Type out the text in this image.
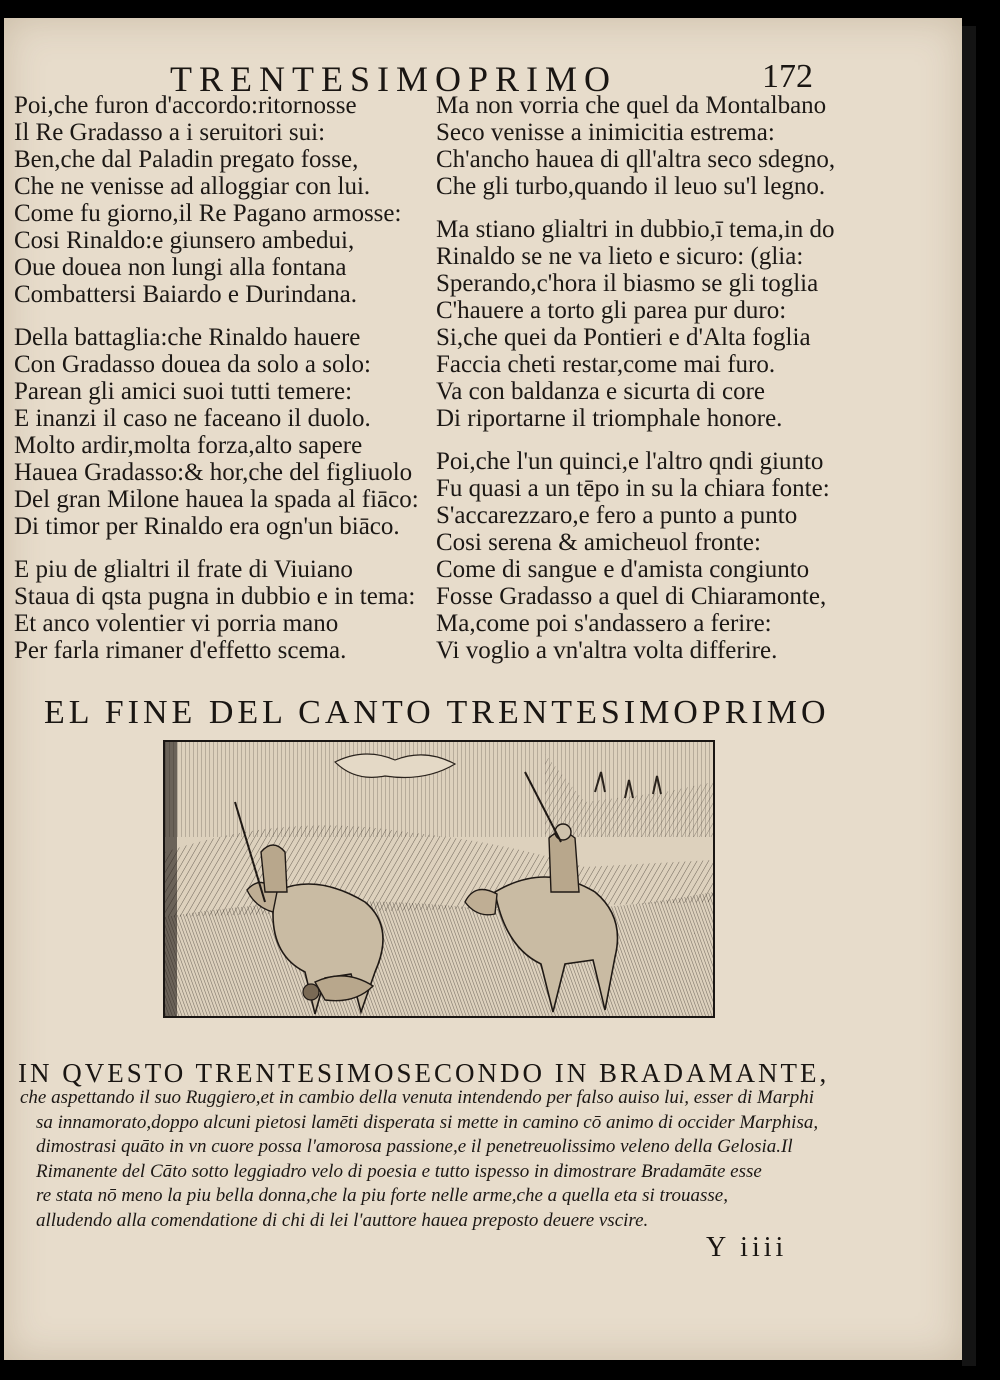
TRENTESIMOPRIMO	172
Poi,che furon d'accordo:ritornosse
Il Re Gradasso a i seruitori sui:
Ben,che dal Paladin pregato fosse,
Che ne venisse ad alloggiar con lui.
Come fu giorno,il Re Pagano armosse:
Cosi Rinaldo:e giunsero ambedui,
Oue douea non lungi alla fontana
Combattersi Baiardo e Durindana.
Della battaglia:che Rinaldo hauere
Con Gradasso douea da solo a solo:
Parean gli amici suoi tutti temere:
E inanzi il caso ne faceano il duolo.
Molto ardir,molta forza,alto sapere
Hauea Gradasso:& hor,che del figliuolo
Del gran Milone hauea la spada al fiāco:
Di timor per Rinaldo era ogn'un biāco.
E piu de glialtri il frate di Viuiano
Staua di qsta pugna in dubbio e in tema:
Et anco volentier vi porria mano
Per farla rimaner d'effetto scema.
Ma non vorria che quel da Montalbano
Seco venisse a inimicitia estrema:
Ch'ancho hauea di qll'altra seco sdegno,
Che gli turbo,quando il leuo su'l legno.
Ma stiano glialtri in dubbio,ī tema,in do
Rinaldo se ne va lieto e sicuro: (glia:
Sperando,c'hora il biasmo se gli toglia
C'hauere a torto gli parea pur duro:
Si,che quei da Pontieri e d'Alta foglia
Faccia cheti restar,come mai furo.
Va con baldanza e sicurta di core
Di riportarne il triomphale honore.
Poi,che l'un quinci,e l'altro qndi giunto
Fu quasi a un tēpo in su la chiara fonte:
S'accarezzaro,e fero a punto a punto
Cosi serena & amicheuol fronte:
Come di sangue e d'amista congiunto
Fosse Gradasso a quel di Chiaramonte,
Ma,come poi s'andassero a ferire:
Vi voglio a vn'altra volta differire.
EL FINE DEL CANTO TRENTESIMOPRIMO
IN QVESTO TRENTESIMOSECONDO IN BRADAMANTE,
che aspettando il suo Ruggiero,et in cambio della venuta intendendo per falso auiso lui, esser di Marphi
sa innamorato,doppo alcuni pietosi lamēti disperata si mette in camino cō animo di occider Marphisa,
dimostrasi quāto in vn cuore possa l'amorosa passione,e il penetreuolissimo veleno della Gelosia.Il
Rimanente del Cāto sotto leggiadro velo di poesia e tutto ispesso in dimostrare Bradamāte esse
re stata nō meno la piu bella donna,che la piu forte nelle arme,che a quella eta si trouasse,
alludendo alla comendatione di chi di lei l'auttore hauea preposto deuere vscire.
Y iiii
